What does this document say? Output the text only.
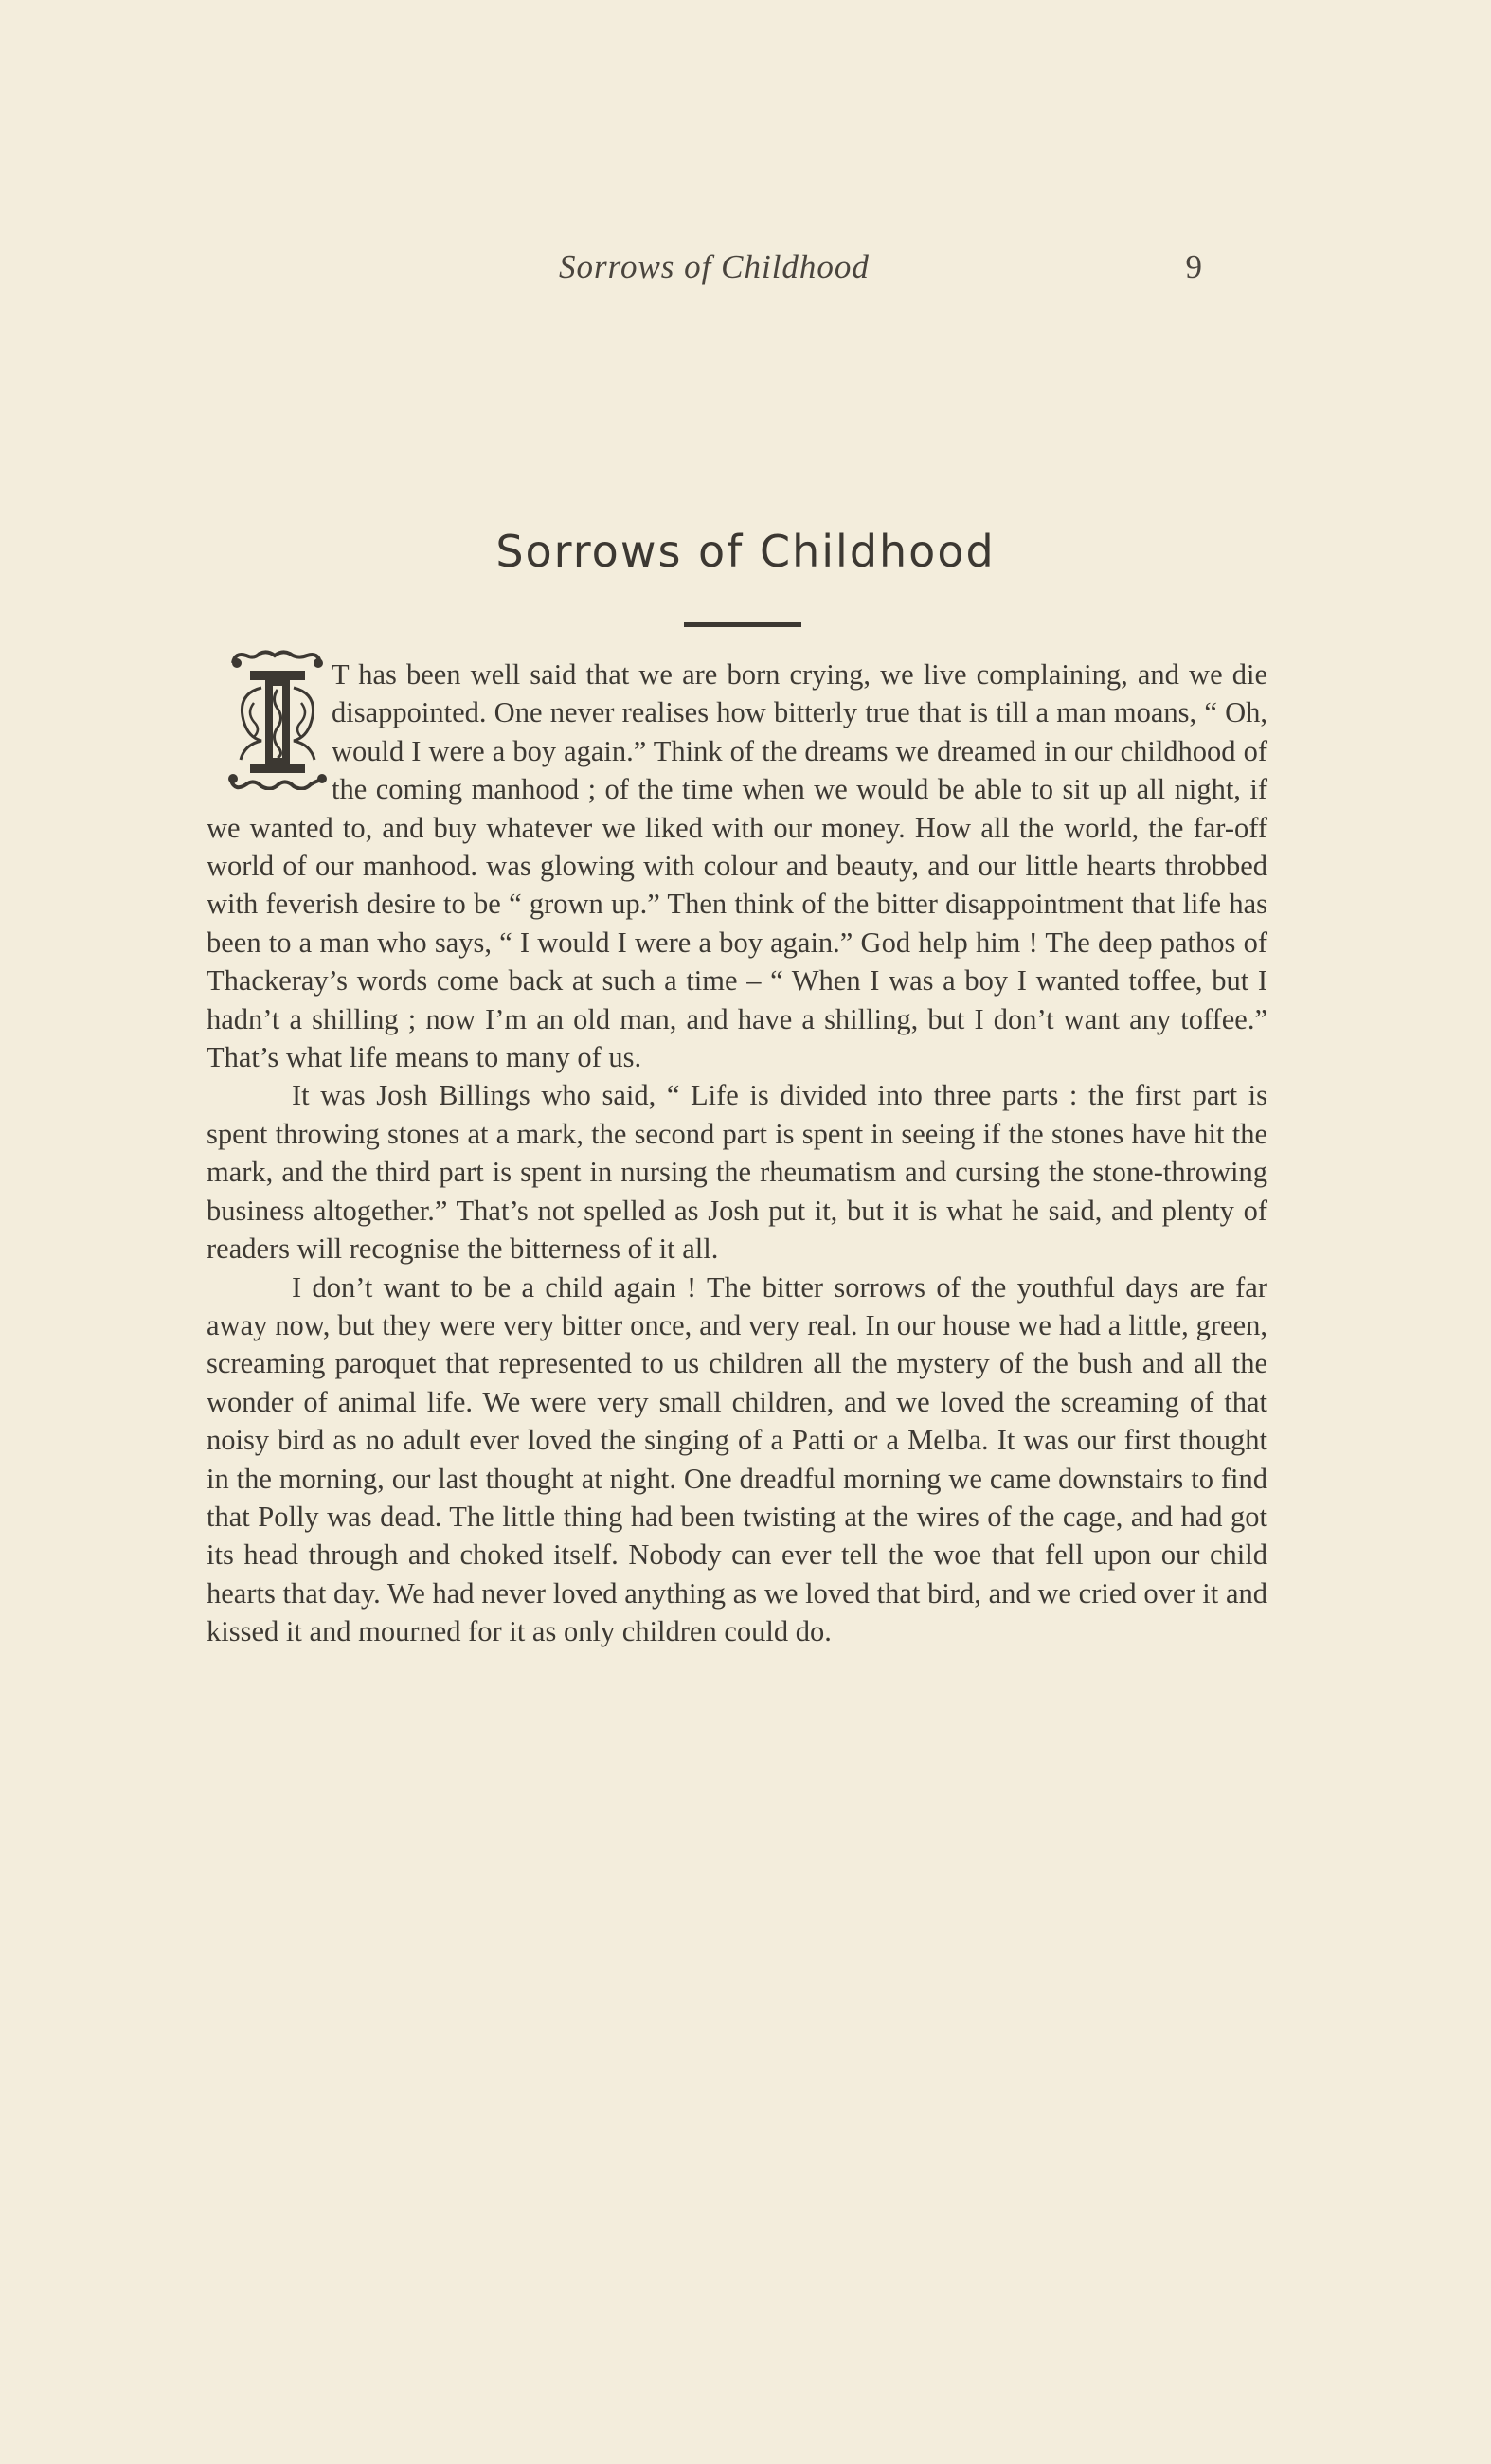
Sorrows of Childhood	9
Sorrows of Childhood

T has been well said that we are born crying, we live complaining, and we die disappointed. One never realises how bitterly true that is till a man moans, “ Oh, would I were a boy again.” Think of the dreams we dreamed in our childhood of the coming manhood ; of the time when we would be able to sit up all night, if we wanted to, and buy whatever we liked with our money. How all the world, the far-off world of our manhood. was glowing with colour and beauty, and our little hearts throbbed with feverish desire to be “ grown up.” Then think of the bitter disappointment that life has been to a man who says, “ I would I were a boy again.” God help him ! The deep pathos of Thackeray’s words come back at such a time – “ When I was a boy I wanted toffee, but I hadn’t a shilling ; now I’m an old man, and have a shilling, but I don’t want any toffee.” That’s what life means to many of us.

It was Josh Billings who said, “ Life is divided into three parts : the first part is spent throwing stones at a mark, the second part is spent in seeing if the stones have hit the mark, and the third part is spent in nursing the rheumatism and cursing the stone-throwing business altogether.” That’s not spelled as Josh put it, but it is what he said, and plenty of readers will recognise the bitterness of it all.

I don’t want to be a child again ! The bitter sorrows of the youthful days are far away now, but they were very bitter once, and very real. In our house we had a little, green, screaming paroquet that represented to us children all the mystery of the bush and all the wonder of animal life. We were very small children, and we loved the screaming of that noisy bird as no adult ever loved the singing of a Patti or a Melba. It was our first thought in the morning, our last thought at night. One dreadful morning we came downstairs to find that Polly was dead. The little thing had been twisting at the wires of the cage, and had got its head through and choked itself. Nobody can ever tell the woe that fell upon our child hearts that day. We had never loved anything as we loved that bird, and we cried over it and kissed it and mourned for it as only children could do.
